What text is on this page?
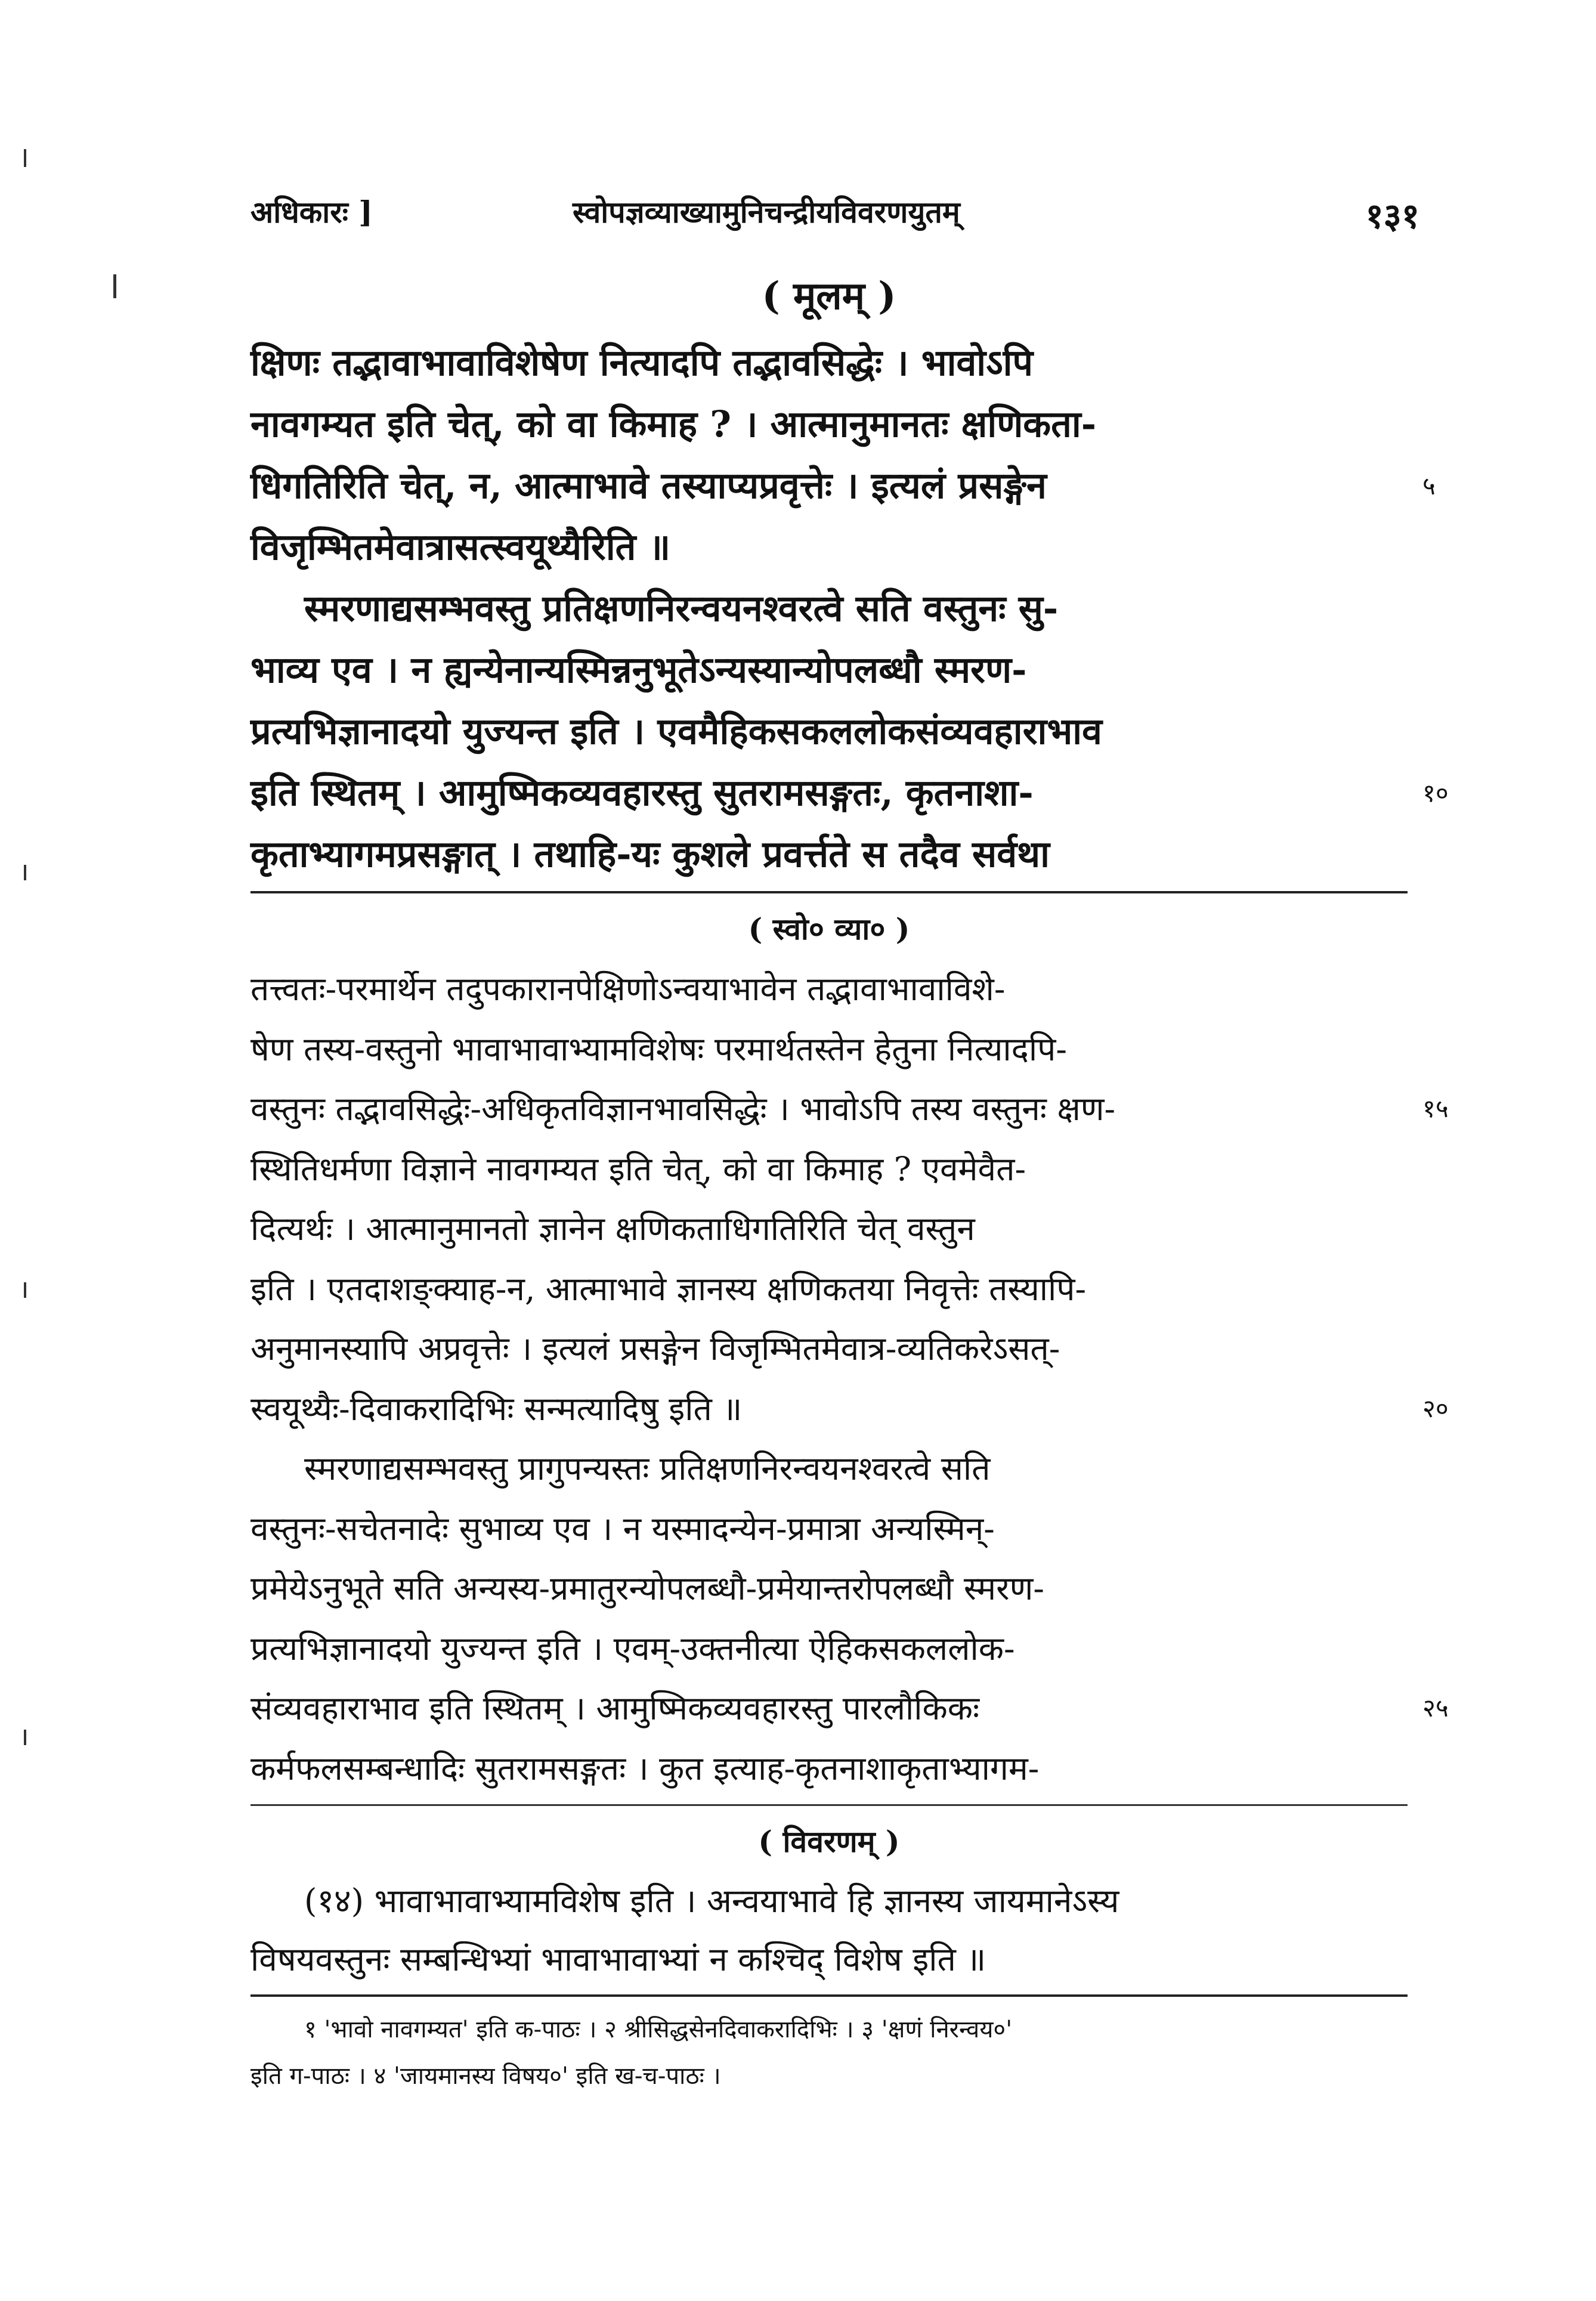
अधिकारः ]	स्वोपज्ञव्याख्यामुनिचन्द्रीयविवरणयुतम्	१३१
( मूलम् )

क्षिणः तद्भावाभावाविशेषेण नित्यादपि तद्भावसिद्धेः । भावोऽपि

नावगम्यत इति चेत्, को वा किमाह ? । आत्मानुमानतः क्षणिकता-

धिगतिरिति चेत्, न, आत्माभावे तस्याप्यप्रवृत्तेः । इत्यलं प्रसङ्गेन	५

विजृम्भितमेवात्रासत्स्वयूथ्यैरिति ॥

स्मरणाद्यसम्भवस्तु प्रतिक्षणनिरन्वयनश्वरत्वे सति वस्तुनः सु-

भाव्य एव । न ह्यन्येनान्यस्मिन्ननुभूतेऽन्यस्यान्योपलब्धौ स्मरण-

प्रत्यभिज्ञानादयो युज्यन्त इति । एवमैहिकसकललोकसंव्यवहाराभाव

इति स्थितम् । आमुष्मिकव्यवहारस्तु सुतरामसङ्गतः, कृतनाशा-	१०

कृताभ्यागमप्रसङ्गात् । तथाहि-यः कुशले प्रवर्त्तते स तदैव सर्वथा

( स्वो० व्या० )

तत्त्वतः-परमार्थेन तदुपकारानपेक्षिणोऽन्वयाभावेन तद्भावाभावाविशे-

षेण तस्य-वस्तुनो भावाभावाभ्यामविशेषः परमार्थतस्तेन हेतुना नित्यादपि-

वस्तुनः तद्भावसिद्धेः-अधिकृतविज्ञानभावसिद्धेः । भावोऽपि तस्य वस्तुनः क्षण-	१५

स्थितिधर्मणा विज्ञाने नावगम्यत इति चेत्, को वा किमाह ? एवमेवैत-

दित्यर्थः । आत्मानुमानतो ज्ञानेन क्षणिकताधिगतिरिति चेत् वस्तुन

इति । एतदाशङ्क्याह-न, आत्माभावे ज्ञानस्य क्षणिकतया निवृत्तेः तस्यापि-

अनुमानस्यापि अप्रवृत्तेः । इत्यलं प्रसङ्गेन विजृम्भितमेवात्र-व्यतिकरेऽसत्-

स्वयूथ्यैः-दिवाकरादिभिः सन्मत्यादिषु इति ॥	२०

स्मरणाद्यसम्भवस्तु प्रागुपन्यस्तः प्रतिक्षणनिरन्वयनश्वरत्वे सति

वस्तुनः-सचेतनादेः सुभाव्य एव । न यस्मादन्येन-प्रमात्रा अन्यस्मिन्-

प्रमेयेऽनुभूते सति अन्यस्य-प्रमातुरन्योपलब्धौ-प्रमेयान्तरोपलब्धौ स्मरण-

प्रत्यभिज्ञानादयो युज्यन्त इति । एवम्-उक्तनीत्या ऐहिकसकललोक-

संव्यवहाराभाव इति स्थितम् । आमुष्मिकव्यवहारस्तु पारलौकिकः	२५

कर्मफलसम्बन्धादिः सुतरामसङ्गतः । कुत इत्याह-कृतनाशाकृताभ्यागम-

( विवरणम् )

(१४) भावाभावाभ्यामविशेष इति । अन्वयाभावे हि ज्ञानस्य जायमानेऽस्य

विषयवस्तुनः सम्बन्धिभ्यां भावाभावाभ्यां न कश्चिद् विशेष इति ॥

१ 'भावो नावगम्यत' इति क-पाठः । २ श्रीसिद्धसेनदिवाकरादिभिः । ३ 'क्षणं निरन्वय०'
इति ग-पाठः । ४ 'जायमानस्य विषय०' इति ख-च-पाठः ।
